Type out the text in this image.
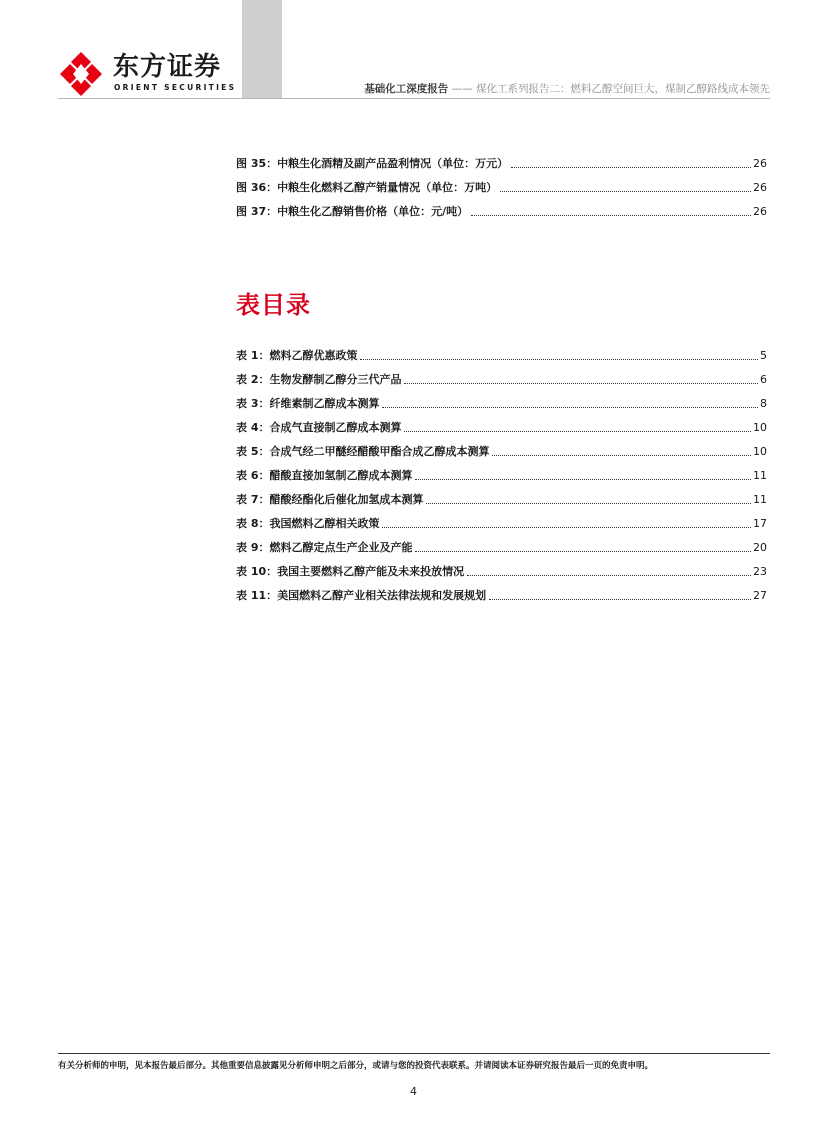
东方证券
ORIENT SECURITIES	基础化工深度报告 —— 煤化工系列报告二：燃料乙醇空间巨大，煤制乙醇路线成本领先
图 35：中粮生化酒精及副产品盈利情况（单位：万元）	26
图 36：中粮生化燃料乙醇产销量情况（单位：万吨）	26
图 37：中粮生化乙醇销售价格（单位：元/吨）	26
表目录
表 1：燃料乙醇优惠政策	5
表 2：生物发酵制乙醇分三代产品	6
表 3：纤维素制乙醇成本测算	8
表 4：合成气直接制乙醇成本测算	10
表 5：合成气经二甲醚经醋酸甲酯合成乙醇成本测算	10
表 6：醋酸直接加氢制乙醇成本测算	11
表 7：醋酸经酯化后催化加氢成本测算	11
表 8：我国燃料乙醇相关政策	17
表 9：燃料乙醇定点生产企业及产能	20
表 10：我国主要燃料乙醇产能及未来投放情况	23
表 11：美国燃料乙醇产业相关法律法规和发展规划	27
有关分析师的申明，见本报告最后部分。其他重要信息披露见分析师申明之后部分，或请与您的投资代表联系。并请阅读本证券研究报告最后一页的免责申明。
4
